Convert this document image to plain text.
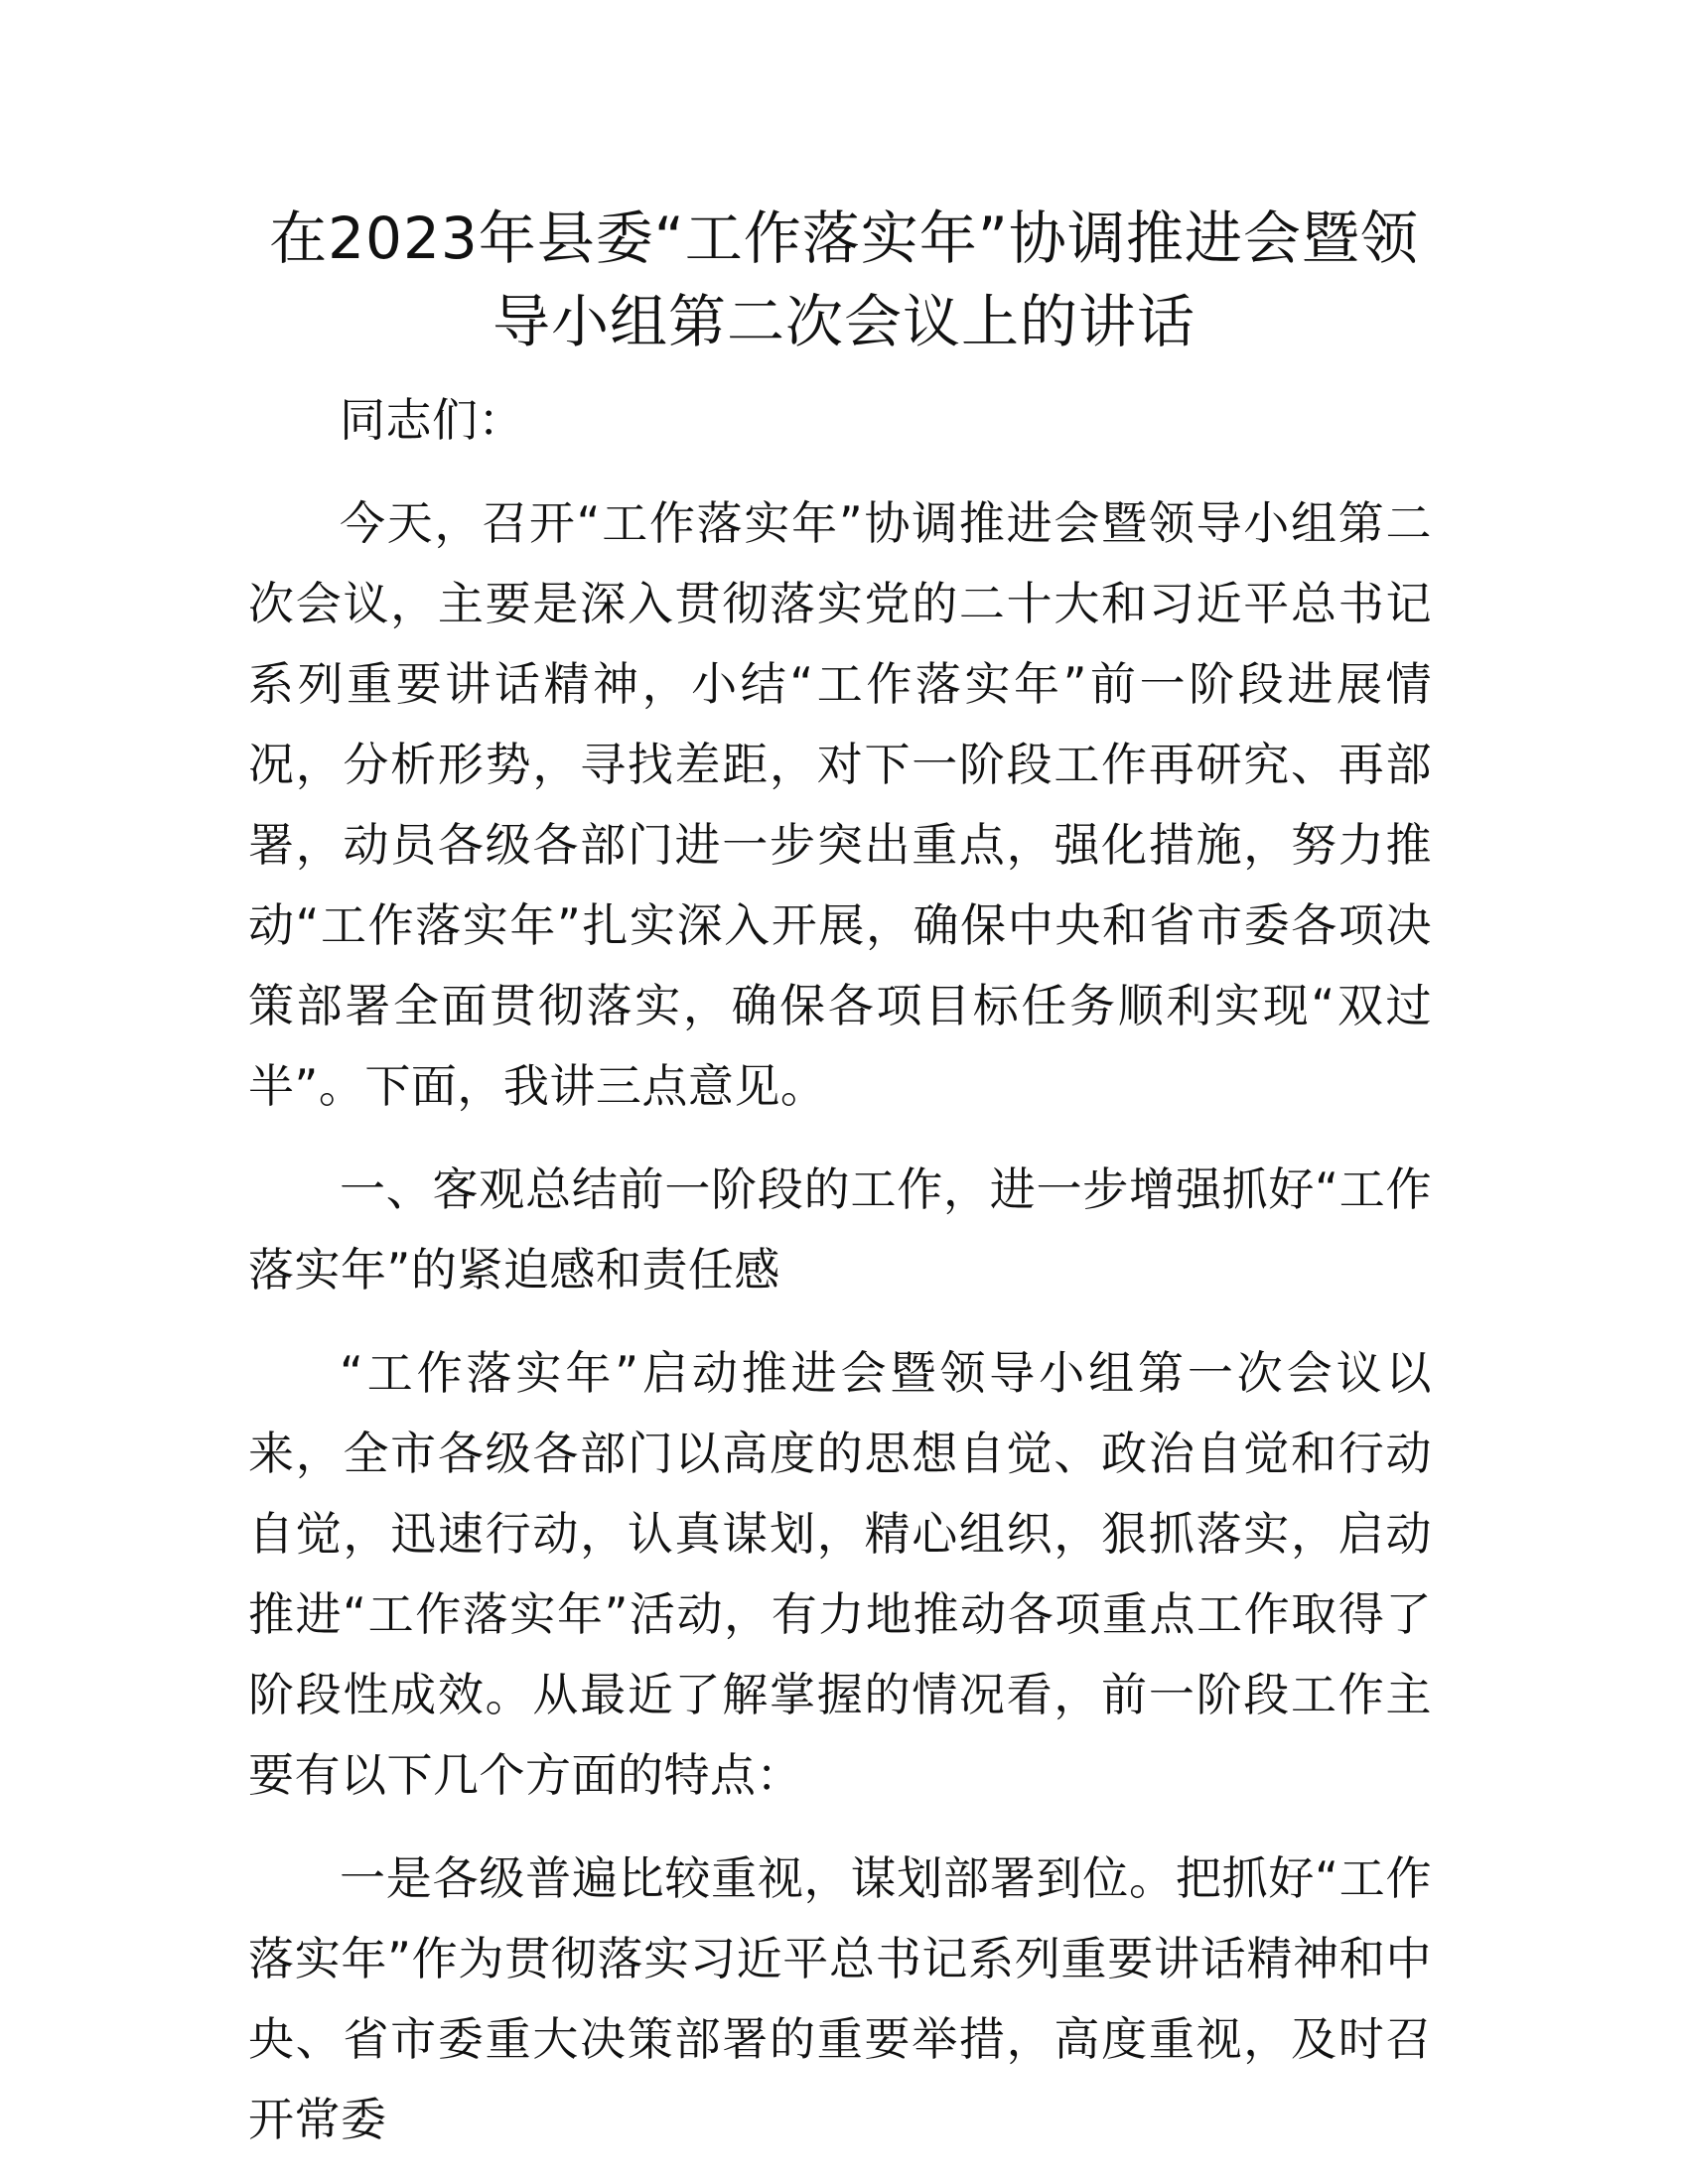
在2023年县委“工作落实年”协调推进会暨领导小组第二次会议上的讲话

同志们：

今天，召开“工作落实年”协调推进会暨领导小组第二次会议，主要是深入贯彻落实党的二十大和习近平总书记系列重要讲话精神，小结“工作落实年”前一阶段进展情况，分析形势，寻找差距，对下一阶段工作再研究、再部署，动员各级各部门进一步突出重点，强化措施，努力推动“工作落实年”扎实深入开展，确保中央和省市委各项决策部署全面贯彻落实，确保各项目标任务顺利实现“双过半”。下面，我讲三点意见。

一、客观总结前一阶段的工作，进一步增强抓好“工作落实年”的紧迫感和责任感

“工作落实年”启动推进会暨领导小组第一次会议以来，全市各级各部门以高度的思想自觉、政治自觉和行动自觉，迅速行动，认真谋划，精心组织，狠抓落实，启动推进“工作落实年”活动，有力地推动各项重点工作取得了阶段性成效。从最近了解掌握的情况看，前一阶段工作主要有以下几个方面的特点：

一是各级普遍比较重视，谋划部署到位。把抓好“工作落实年”作为贯彻落实习近平总书记系列重要讲话精神和中央、省市委重大决策部署的重要举措，高度重视，及时召开常委
